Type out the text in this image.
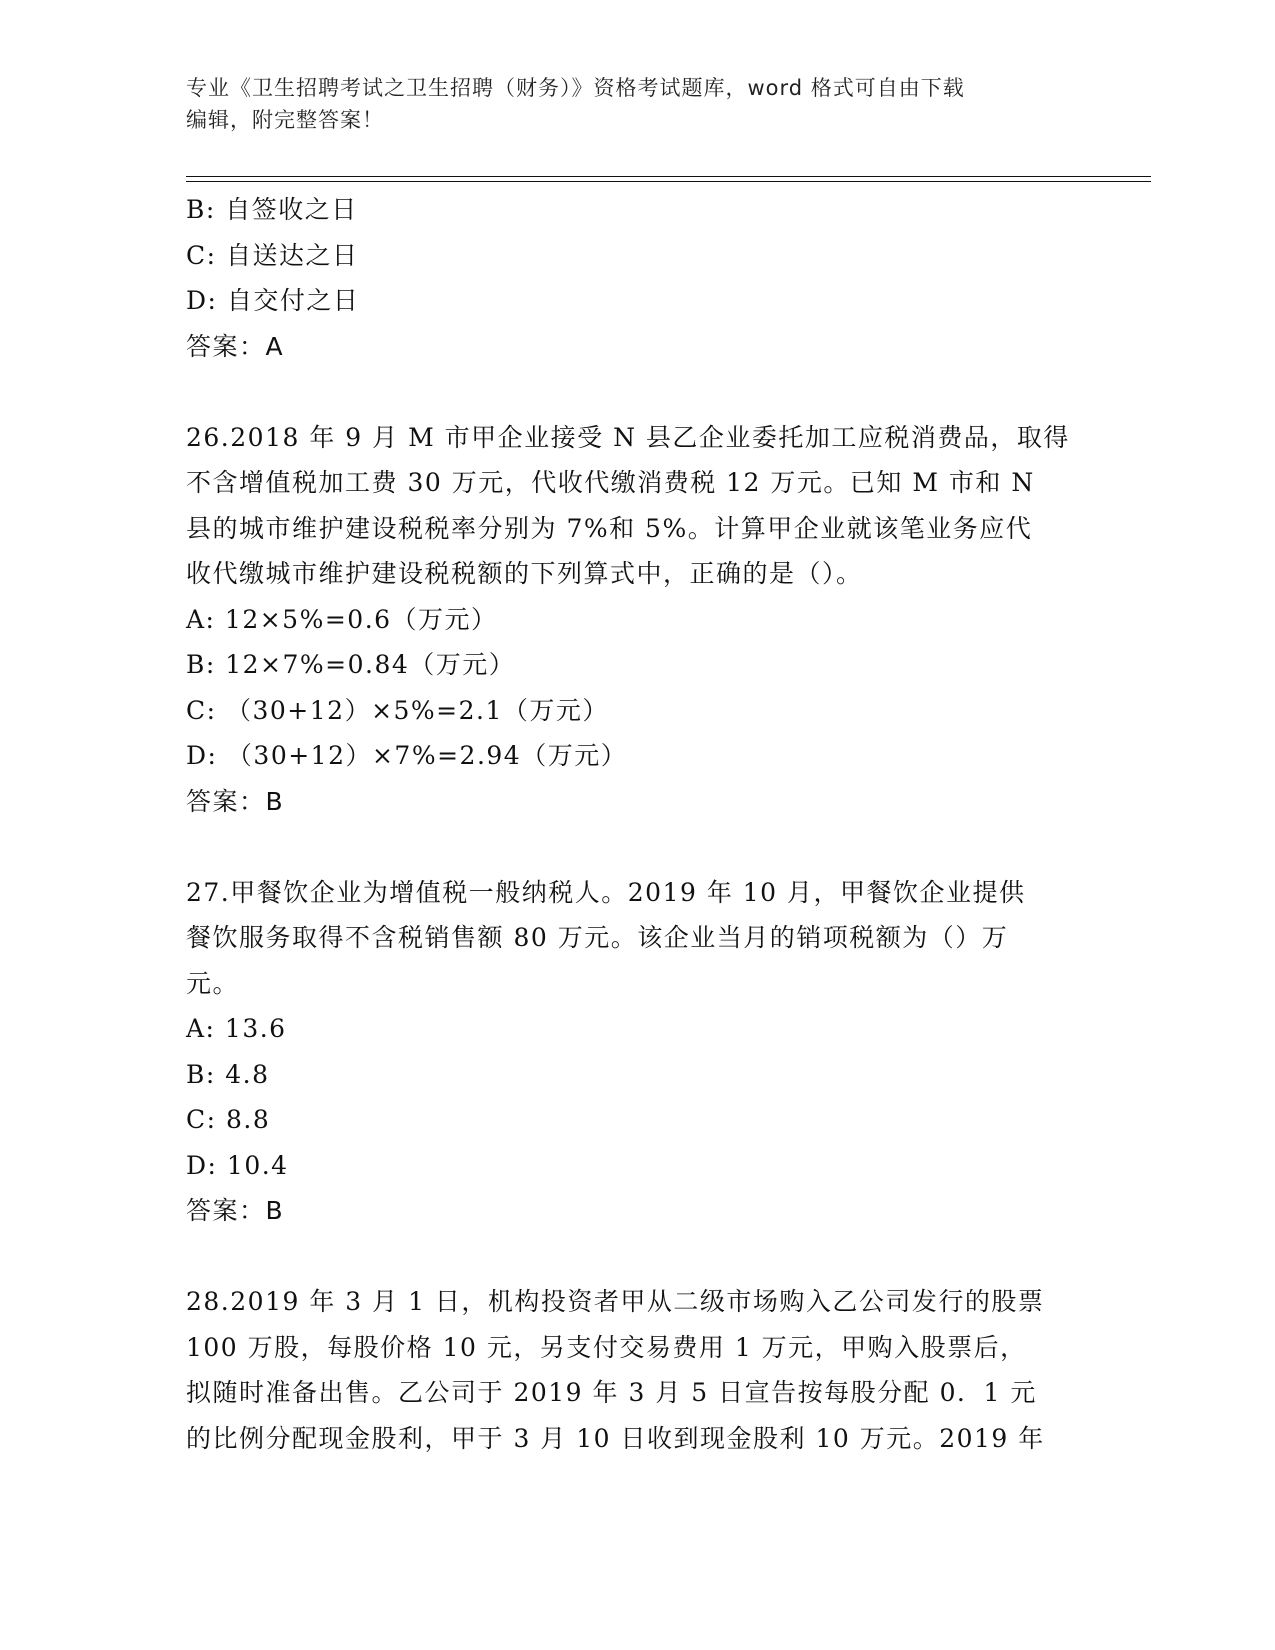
专业《卫生招聘考试之卫生招聘（财务）》资格考试题库，word 格式可自由下载
编辑，附完整答案！
B: 自签收之日
C: 自送达之日
D: 自交付之日
答案：A
26.2018 年 9 月 M 市甲企业接受 N 县乙企业委托加工应税消费品，取得
不含增值税加工费 30 万元，代收代缴消费税 12 万元。已知 M 市和 N
县的城市维护建设税税率分别为 7%和 5%。计算甲企业就该笔业务应代
收代缴城市维护建设税税额的下列算式中，正确的是（）。
A: 12×5%=0.6（万元）
B: 12×7%=0.84（万元）
C: （30+12）×5%=2.1（万元）
D: （30+12）×7%=2.94（万元）
答案：B
27.甲餐饮企业为增值税一般纳税人。2019 年 10 月，甲餐饮企业提供
餐饮服务取得不含税销售额 80 万元。该企业当月的销项税额为（）万
元。
A: 13.6
B: 4.8
C: 8.8
D: 10.4
答案：B
28.2019 年 3 月 1 日，机构投资者甲从二级市场购入乙公司发行的股票
100 万股，每股价格 10 元，另支付交易费用 1 万元，甲购入股票后，
拟随时准备出售。乙公司于 2019 年 3 月 5 日宣告按每股分配 0．1 元
的比例分配现金股利，甲于 3 月 10 日收到现金股利 10 万元。2019 年
